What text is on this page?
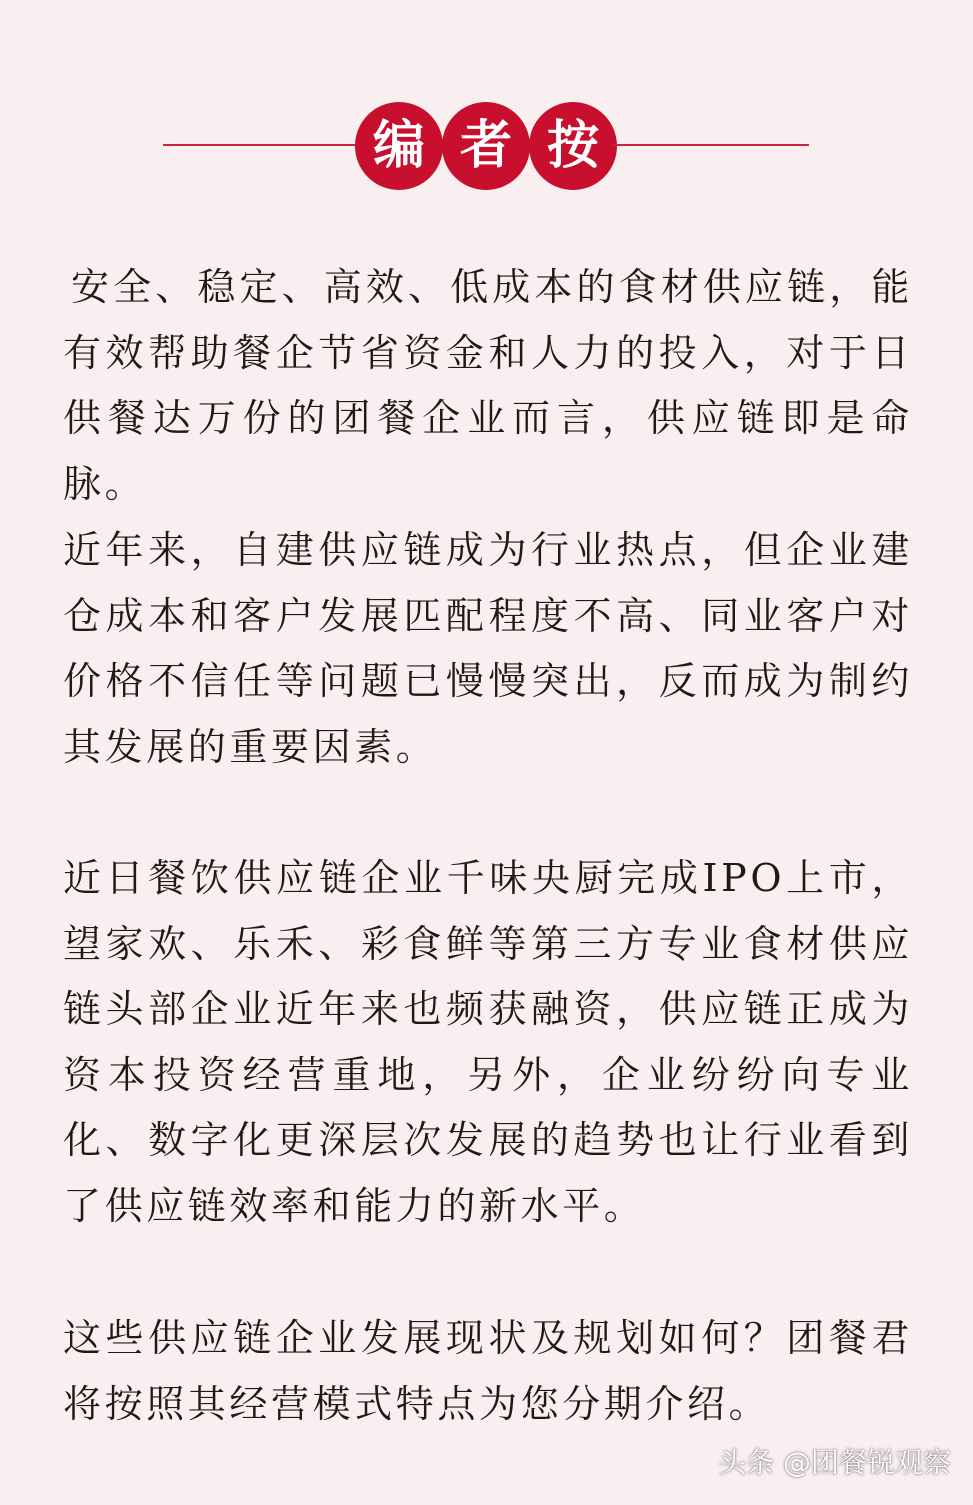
编 者 按

安全、稳定、高效、低成本的食材供应链，能有效帮助餐企节省资金和人力的投入，对于日供餐达万份的团餐企业而言，供应链即是命脉。

近年来，自建供应链成为行业热点，但企业建仓成本和客户发展匹配程度不高、同业客户对价格不信任等问题已慢慢突出，反而成为制约其发展的重要因素。

近日餐饮供应链企业千味央厨完成IPO上市，望家欢、乐禾、彩食鲜等第三方专业食材供应链头部企业近年来也频获融资，供应链正成为资本投资经营重地，另外，企业纷纷向专业化、数字化更深层次发展的趋势也让行业看到了供应链效率和能力的新水平。

这些供应链企业发展现状及规划如何？团餐君将按照其经营模式特点为您分期介绍。

头条 @团餐锐观察
